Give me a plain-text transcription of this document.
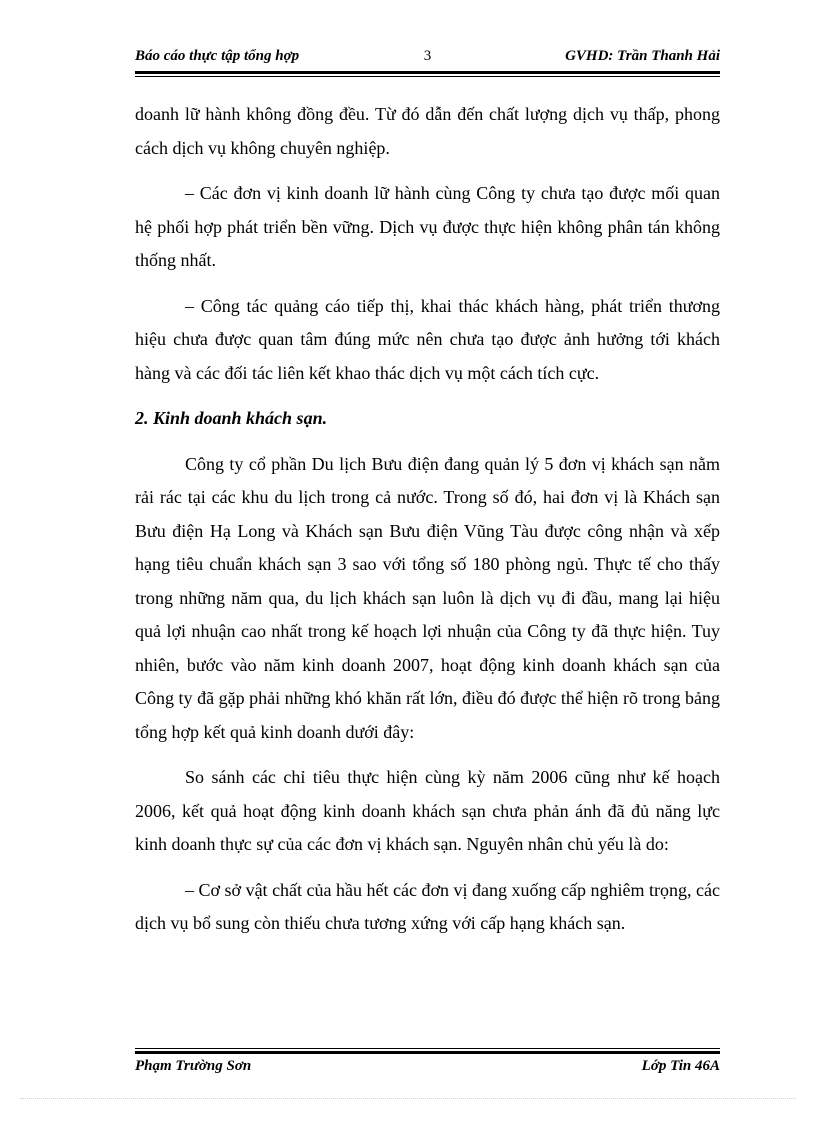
Báo cáo thực tập tổng hợp	3	GVHD: Trần Thanh Hải

doanh lữ hành không đồng đều. Từ đó dẫn đến chất lượng dịch vụ thấp, phong cách dịch vụ không chuyên nghiệp.

– Các đơn vị kinh doanh lữ hành cùng Công ty chưa tạo được mối quan hệ phối hợp phát triển bền vững. Dịch vụ được thực hiện không phân tán không thống nhất.

– Công tác quảng cáo tiếp thị, khai thác khách hàng, phát triển thương hiệu chưa được quan tâm đúng mức nên chưa tạo được ảnh hưởng tới khách hàng và các đối tác liên kết khao thác dịch vụ một cách tích cực.

2. Kinh doanh khách sạn.

Công ty cổ phần Du lịch Bưu điện đang quản lý 5 đơn vị khách sạn nằm rải rác tại các khu du lịch trong cả nước. Trong số đó, hai đơn vị là Khách sạn Bưu điện Hạ Long và Khách sạn Bưu điện Vũng Tàu được công nhận và xếp hạng tiêu chuẩn khách sạn 3 sao với tổng số 180 phòng ngủ. Thực tế cho thấy trong những năm qua, du lịch khách sạn luôn là dịch vụ đi đầu, mang lại hiệu quả lợi nhuận cao nhất trong kế hoạch lợi nhuận của Công ty đã thực hiện. Tuy nhiên, bước vào năm kinh doanh 2007, hoạt động kinh doanh khách sạn của Công ty đã gặp phải những khó khăn rất lớn, điều đó được thể hiện rõ trong bảng tổng hợp kết quả kinh doanh dưới đây:

So sánh các chỉ tiêu thực hiện cùng kỳ năm 2006 cũng như kế hoạch 2006, kết quả hoạt động kinh doanh khách sạn chưa phản ánh đã đủ năng lực kinh doanh thực sự của các đơn vị khách sạn. Nguyên nhân chủ yếu là do:

– Cơ sở vật chất của hầu hết các đơn vị đang xuống cấp nghiêm trọng, các dịch vụ bổ sung còn thiếu chưa tương xứng với cấp hạng khách sạn.

Phạm Trường Sơn	Lớp Tin 46A
